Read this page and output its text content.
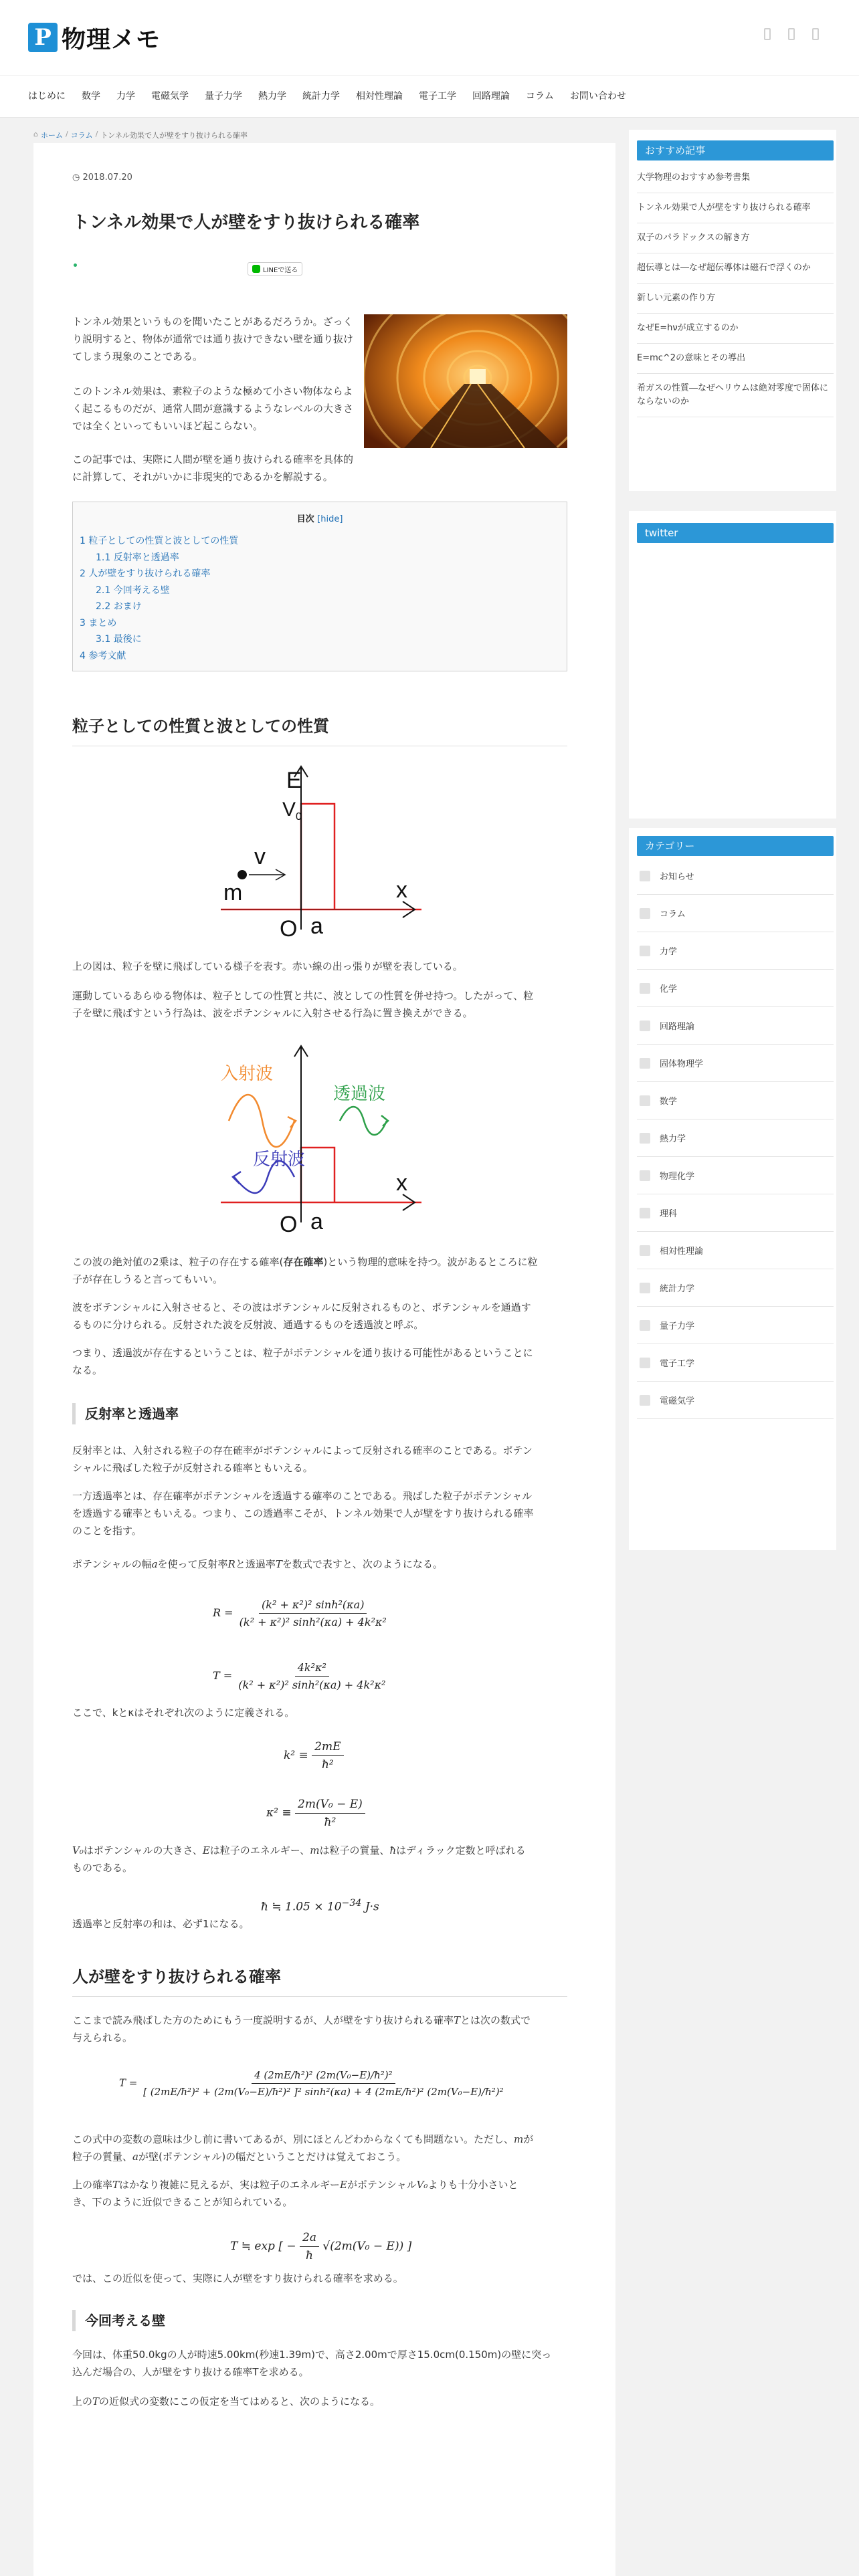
P 物理メモ
はじめに	数学	力学	電磁気学	量子力学	熱力学	統計力学	相対性理論	電子工学	回路理論	コラム	お問い合わせ
⌂ ホーム / コラム / トンネル効果で人が壁をすり抜けられる確率
◷ 2018.07.20
トンネル効果で人が壁をすり抜けられる確率
LINEで送る

トンネル効果というものを聞いたことがあるだろうか。ざっくり説明すると、物体が通常では通り抜けできない壁を通り抜けてしまう現象のことである。

このトンネル効果は、素粒子のような極めて小さい物体ならよく起こるものだが、通常人間が意識するようなレベルの大きさでは全くといってもいいほど起こらない。

この記事では、実際に人間が壁を通り抜けられる確率を具体的に計算して、それがいかに非現実的であるかを解説する。

目次 [hide]
1 粒子としての性質と波としての性質
1.1 反射率と透過率
2 人が壁をすり抜けられる確率
2.1 今回考える壁
2.2 おまけ
3 まとめ
3.1 最後に
4 参考文献
粒子としての性質と波としての性質
E
V 0
v
m
O a
x

上の図は、粒子を壁に飛ばしている様子を表す。赤い線の出っ張りが壁を表している。

運動しているあらゆる物体は、粒子としての性質と共に、波としての性質を併せ持つ。したがって、粒
子を壁に飛ばすという行為は、波をポテンシャルに入射させる行為に置き換えができる。

入射波
透過波
反射波
O a
x

この波の絶対値の2乗は、粒子の存在する確率(存在確率)という物理的意味を持つ。波があるところに粒
子が存在しうると言ってもいい。

波をポテンシャルに入射させると、その波はポテンシャルに反射されるものと、ポテンシャルを通過す
るものに分けられる。反射された波を反射波、通過するものを透過波と呼ぶ。

つまり、透過波が存在するということは、粒子がポテンシャルを通り抜ける可能性があるということに
なる。

反射率と透過率

反射率とは、入射される粒子の存在確率がポテンシャルによって反射される確率のことである。ポテン
シャルに飛ばした粒子が反射される確率ともいえる。

一方透過率とは、存在確率がポテンシャルを透過する確率のことである。飛ばした粒子がポテンシャル
を透過する確率ともいえる。つまり、この透過率こそが、トンネル効果で人が壁をすり抜けられる確率
のことを指す。

ポテンシャルの幅aを使って反射率Rと透過率Tを数式で表すと、次のようになる。

$R = \frac{\text{(k² + κ²)² sinh²(κa)}}{\text{(k² + κ²)² sinh²(κa) + 4k²κ²}}$
$T = \frac{\text{4k²κ²}}{\text{(k² + κ²)² sinh²(κa) + 4k²κ²}}$

ここで、kとκはそれぞれ次のように定義される。

$k^2 \equiv \frac{2mE}{\text{ħ²}}$
$\kappa^2 \equiv \frac{\text{2m(V₀ − E)}}{\text{ħ²}}$

V₀はポテンシャルの大きさ、Eは粒子のエネルギー、mは粒子の質量、ħはディラック定数と呼ばれる
ものである。

ħ ≒ $1.05 \times 10^{-34}$ J·s

透過率と反射率の和は、必ず1になる。

人が壁をすり抜けられる確率

ここまで読み飛ばした方のためにもう一度説明するが、人が壁をすり抜けられる確率Tとは次の数式で
与えられる。

T =
4 (2mE/ħ²)² (2m(V₀−E)/ħ²)²
[ (2mE/ħ²)² + (2m(V₀−E)/ħ²)² ]² sinh²(κa) + 4 (2mE/ħ²)² (2m(V₀−E)/ħ²)²

この式中の変数の意味は少し前に書いてあるが、別にほとんどわからなくても問題ない。ただし、mが
粒子の質量、aが壁(ポテンシャル)の幅だということだけは覚えておこう。

上の確率Tはかなり複雑に見えるが、実は粒子のエネルギーEがポテンシャルV₀よりも十分小さいと
き、下のように近似できることが知られている。

T ≒ exp [ − $\frac{2a}{ħ} √(2m(V_0 - E))$ ]

では、この近似を使って、実際に人が壁をすり抜けられる確率を求める。

今回考える壁

今回は、体重50.0kgの人が時速5.00km(秒速1.39m)で、高さ2.00mで厚さ15.0cm(0.150m)の壁に突っ
込んだ場合の、人が壁をすり抜ける確率Tを求める。

上のTの近似式の変数にこの仮定を当てはめると、次のようになる。

おすすめ記事
大学物理のおすすめ参考書集
トンネル効果で人が壁をすり抜けられる確率
双子のパラドックスの解き方
超伝導とは―なぜ超伝導体は磁石で浮くのか
新しい元素の作り方
なぜE=hνが成立するのか
E=mc^2の意味とその導出
希ガスの性質―なぜヘリウムは絶対零度で固体にならないのか
twitter
カテゴリー
お知らせ
コラム
力学
化学
回路理論
固体物理学
数学
熱力学
物理化学
理科
相対性理論
統計力学
量子力学
電子工学
電磁気学
